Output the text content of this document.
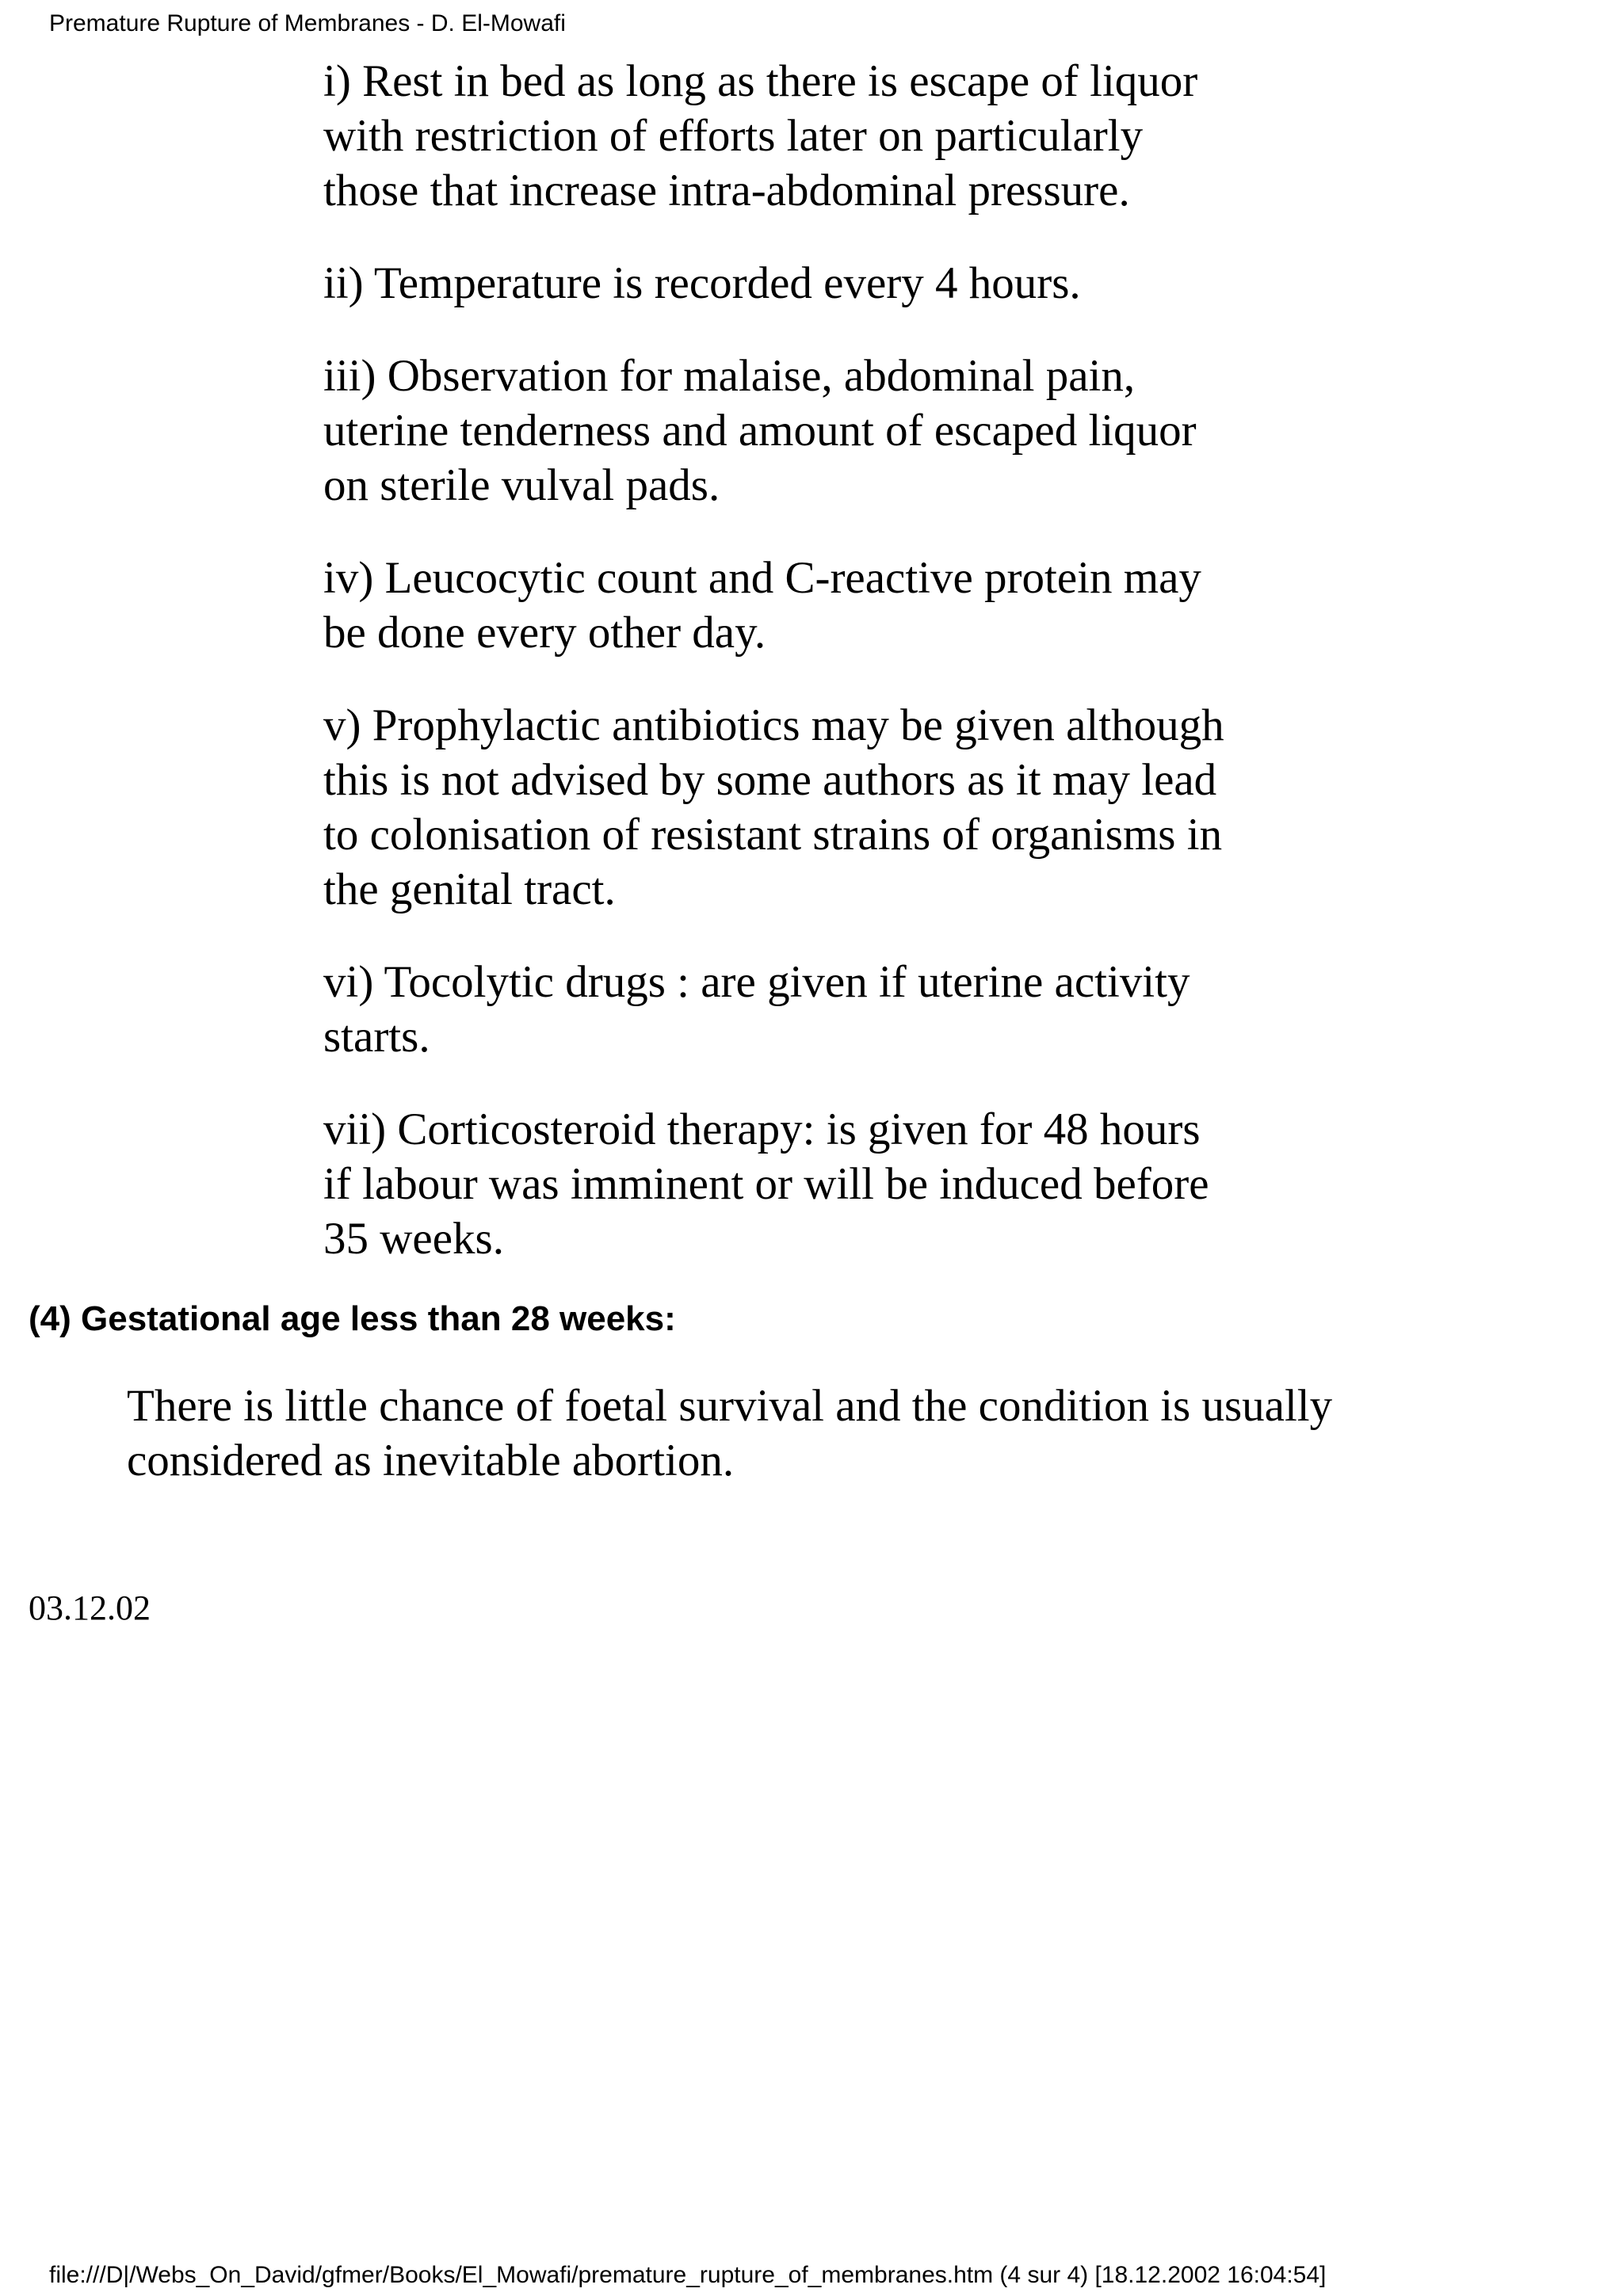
Premature Rupture of Membranes - D. El-Mowafi
i) Rest in bed as long as there is escape of liquor
with restriction of efforts later on particularly
those that increase intra-abdominal pressure.
ii) Temperature is recorded every 4 hours.
iii) Observation for malaise, abdominal pain,
uterine tenderness and amount of escaped liquor
on sterile vulval pads.
iv) Leucocytic count and C-reactive protein may
be done every other day.
v) Prophylactic antibiotics may be given although
this is not advised by some authors as it may lead
to colonisation of resistant strains of organisms in
the genital tract.
vi) Tocolytic drugs : are given if uterine activity
starts.
vii) Corticosteroid therapy: is given for 48 hours
if labour was imminent or will be induced before
35 weeks.
(4) Gestational age less than 28 weeks:
There is little chance of foetal survival and the condition is usually
considered as inevitable abortion.
03.12.02
file:///D|/Webs_On_David/gfmer/Books/El_Mowafi/premature_rupture_of_membranes.htm (4 sur 4) [18.12.2002 16:04:54]
